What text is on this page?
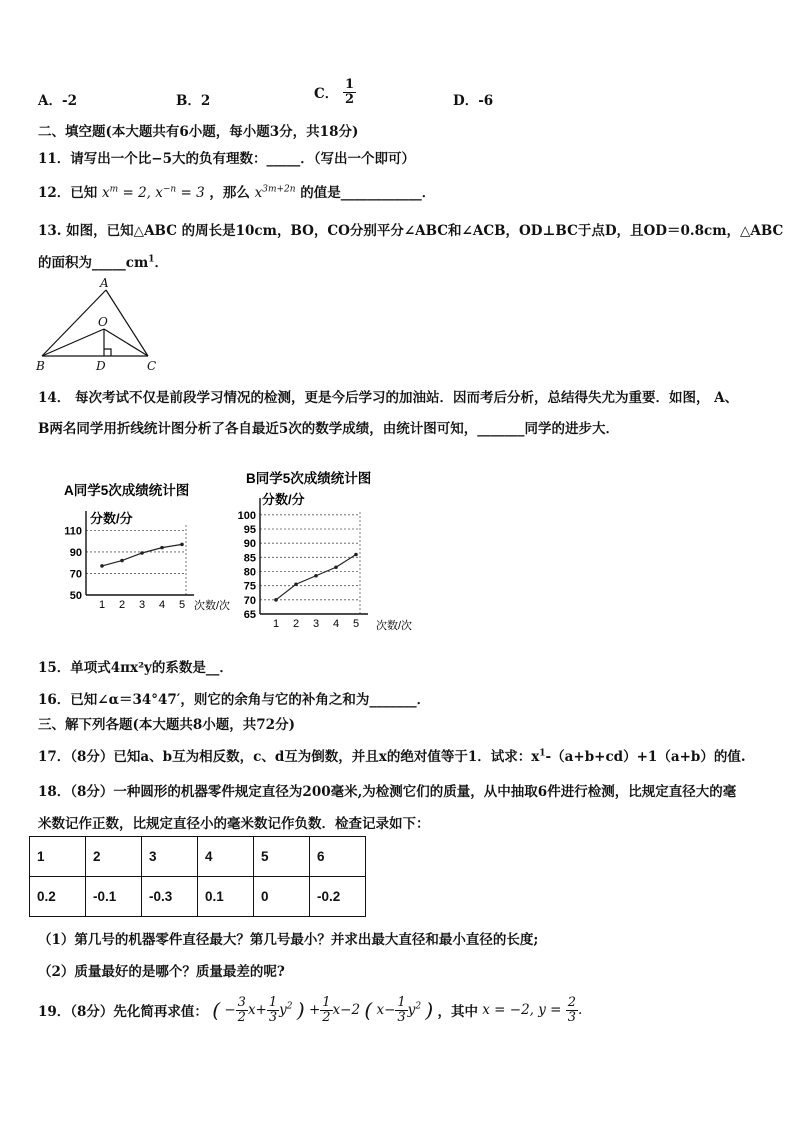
A．-2	B．2	C． $\frac{1}{2}$	D．-6
二、填空题(本大题共有6小题，每小题3分，共18分)
11．请写出一个比−5大的负有理数：_____．（写出一个即可）
12．已知 $x^m = 2$, $x^{-n} = 3$ ，那么 $x^{3m+2n}$ 的值是____________．
13. 如图，已知△ABC 的周长是10cm，BO，CO分别平分∠ABC和∠ACB，OD⊥BC于点D，且OD＝0.8cm，△ABC
的面积为$\_\_\_\_\_cm^1$．
A
O
B	D	C
14． 每次考试不仅是前段学习情况的检测，更是今后学习的加油站．因而考后分析，总结得失尤为重要．如图， A、
B两名同学用折线统计图分析了各自最近5次的数学成绩，由统计图可知，_______同学的进步大．
A同学5次成绩统计图
分数/分
次数/次
50
70
90
110
1 2 3 4 5
B同学5次成绩统计图
分数/分
次数/次
65
70
75
80
85
90
95
100
1 2 3 4 5
15．单项式4πx²y的系数是__．
16．已知∠α＝34°47′，则它的余角与它的补角之和为_______．
三、解下列各题(本大题共8小题，共72分)
17．（8分）已知a、b互为相反数，c、d互为倒数，并且x的绝对值等于1．试求：$x^1-(a+b+cd)+1(a+b)$的值.
18．（8分）一种圆形的机器零件规定直径为200毫米,为检测它们的质量，从中抽取6件进行检测，比规定直径大的毫
米数记作正数，比规定直径小的毫米数记作负数．检查记录如下：
1	2	3	4	5	6
0.2	-0.1	-0.3	0.1	0	-0.2
（1）第几号的机器零件直径最大？第几号最小？并求出最大直径和最小直径的长度;
（2）质量最好的是哪个？质量最差的呢?
19．（8分）先化简再求值： ( − $\frac{3}{2} x+ \frac{1}{3} y^2$ ) + $\frac{1}{2} x-2$ ( $x- \frac{1}{3} y^2$ ) ，其中 x = −2, $y = \frac{2}{3}$ .
